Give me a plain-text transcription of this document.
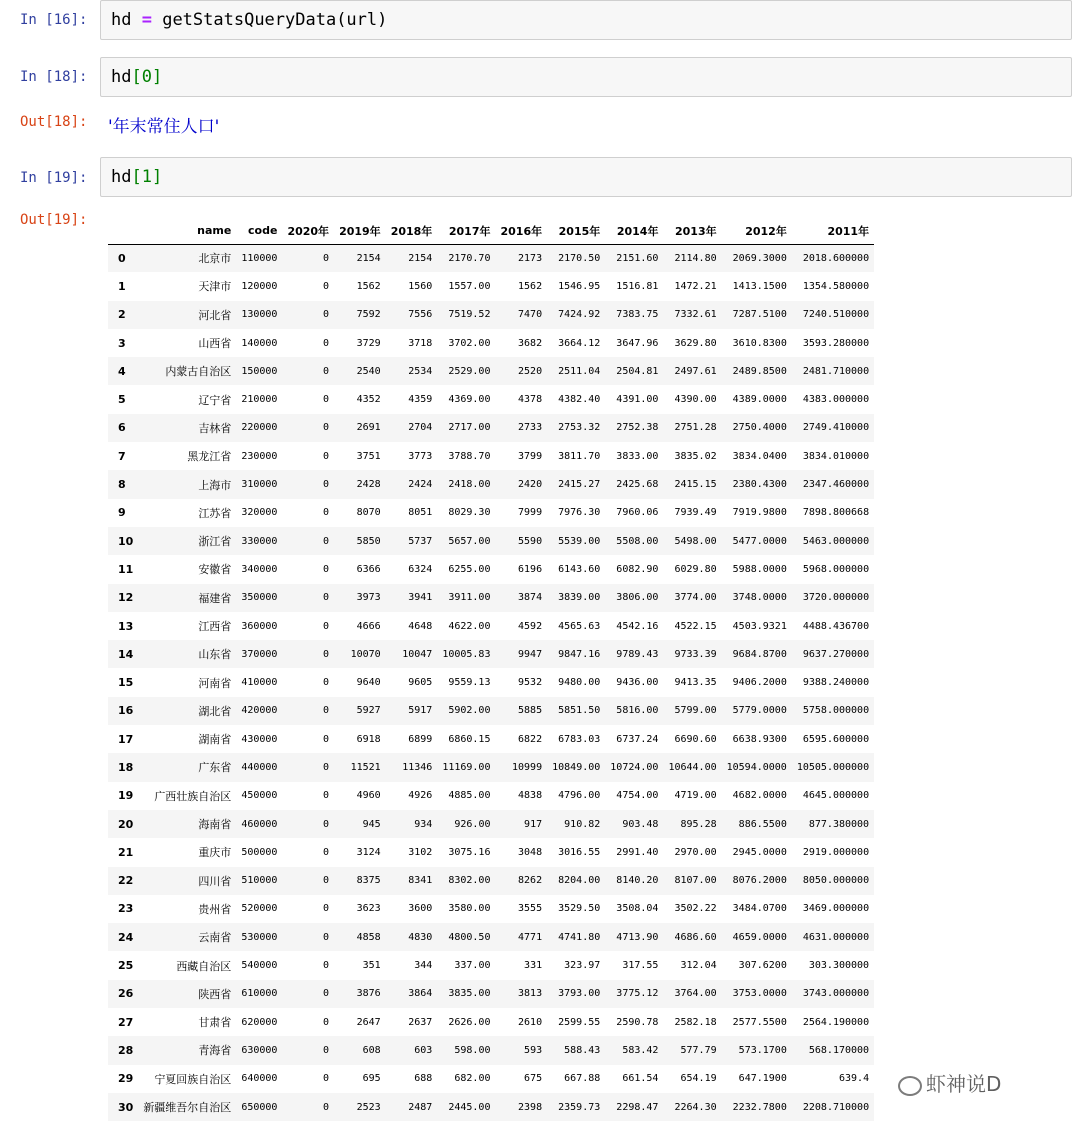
In [16]: hd = getStatsQueryData(url)
In [18]: hd[0]
Out[18]: '年末常住人口'
In [19]: hd[1]
Out[19]:
	name	code	2020年	2019年	2018年	2017年	2016年	2015年	2014年	2013年	2012年	2011年
0	北京市	110000	0	2154	2154	2170.70	2173	2170.50	2151.60	2114.80	2069.3000	2018.600000
1	天津市	120000	0	1562	1560	1557.00	1562	1546.95	1516.81	1472.21	1413.1500	1354.580000
2	河北省	130000	0	7592	7556	7519.52	7470	7424.92	7383.75	7332.61	7287.5100	7240.510000
3	山西省	140000	0	3729	3718	3702.00	3682	3664.12	3647.96	3629.80	3610.8300	3593.280000
4	内蒙古自治区	150000	0	2540	2534	2529.00	2520	2511.04	2504.81	2497.61	2489.8500	2481.710000
5	辽宁省	210000	0	4352	4359	4369.00	4378	4382.40	4391.00	4390.00	4389.0000	4383.000000
6	吉林省	220000	0	2691	2704	2717.00	2733	2753.32	2752.38	2751.28	2750.4000	2749.410000
7	黑龙江省	230000	0	3751	3773	3788.70	3799	3811.70	3833.00	3835.02	3834.0400	3834.010000
8	上海市	310000	0	2428	2424	2418.00	2420	2415.27	2425.68	2415.15	2380.4300	2347.460000
9	江苏省	320000	0	8070	8051	8029.30	7999	7976.30	7960.06	7939.49	7919.9800	7898.800668
10	浙江省	330000	0	5850	5737	5657.00	5590	5539.00	5508.00	5498.00	5477.0000	5463.000000
11	安徽省	340000	0	6366	6324	6255.00	6196	6143.60	6082.90	6029.80	5988.0000	5968.000000
12	福建省	350000	0	3973	3941	3911.00	3874	3839.00	3806.00	3774.00	3748.0000	3720.000000
13	江西省	360000	0	4666	4648	4622.00	4592	4565.63	4542.16	4522.15	4503.9321	4488.436700
14	山东省	370000	0	10070	10047	10005.83	9947	9847.16	9789.43	9733.39	9684.8700	9637.270000
15	河南省	410000	0	9640	9605	9559.13	9532	9480.00	9436.00	9413.35	9406.2000	9388.240000
16	湖北省	420000	0	5927	5917	5902.00	5885	5851.50	5816.00	5799.00	5779.0000	5758.000000
17	湖南省	430000	0	6918	6899	6860.15	6822	6783.03	6737.24	6690.60	6638.9300	6595.600000
18	广东省	440000	0	11521	11346	11169.00	10999	10849.00	10724.00	10644.00	10594.0000	10505.000000
19	广西壮族自治区	450000	0	4960	4926	4885.00	4838	4796.00	4754.00	4719.00	4682.0000	4645.000000
20	海南省	460000	0	945	934	926.00	917	910.82	903.48	895.28	886.5500	877.380000
21	重庆市	500000	0	3124	3102	3075.16	3048	3016.55	2991.40	2970.00	2945.0000	2919.000000
22	四川省	510000	0	8375	8341	8302.00	8262	8204.00	8140.20	8107.00	8076.2000	8050.000000
23	贵州省	520000	0	3623	3600	3580.00	3555	3529.50	3508.04	3502.22	3484.0700	3469.000000
24	云南省	530000	0	4858	4830	4800.50	4771	4741.80	4713.90	4686.60	4659.0000	4631.000000
25	西藏自治区	540000	0	351	344	337.00	331	323.97	317.55	312.04	307.6200	303.300000
26	陕西省	610000	0	3876	3864	3835.00	3813	3793.00	3775.12	3764.00	3753.0000	3743.000000
27	甘肃省	620000	0	2647	2637	2626.00	2610	2599.55	2590.78	2582.18	2577.5500	2564.190000
28	青海省	630000	0	608	603	598.00	593	588.43	583.42	577.79	573.1700	568.170000
29	宁夏回族自治区	640000	0	695	688	682.00	675	667.88	661.54	654.19	647.1900	639.4
30	新疆维吾尔自治区	650000	0	2523	2487	2445.00	2398	2359.73	2298.47	2264.30	2232.7800	2208.710000
虾神说D
